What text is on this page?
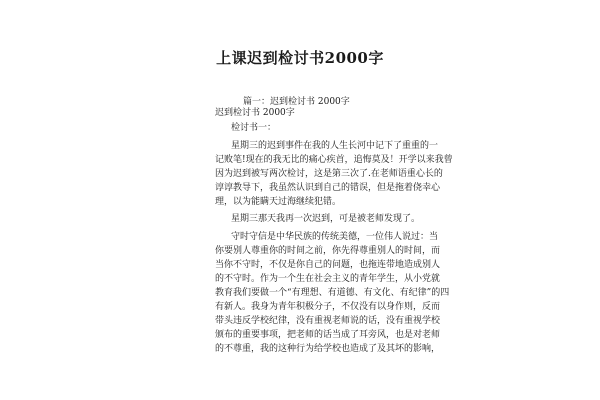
上课迟到检讨书2000字
篇一：迟到检讨书 2000字
迟到检讨书 2000字
检讨书一：
星期三的迟到事件在我的人生长河中记下了重重的一
记败笔!现在的我无比的痛心疾首，追悔莫及！开学以来我曾
因为迟到被写两次检讨，这是第三次了.在老师语重心长的
谆谆教导下，我虽然认识到自己的错误，但是拖着侥幸心
理，以为能瞒天过海继续犯错。
星期三那天我再一次迟到，可是被老师发现了。
守时守信是中华民族的传统美德，一位伟人说过：当
你要别人尊重你的时间之前，你先得尊重别人的时间，而
当你不守时，不仅是你自己的问题，也拖连带地造成别人
的不守时。作为一个生在社会主义的青年学生，从小党就
教育我们要做一个“有理想、有道德、有文化、有纪律”的四
有新人。我身为青年积极分子，不仅没有以身作则，反而
带头违反学校纪律，没有重视老师说的话，没有重视学校
颁布的重要事项，把老师的话当成了耳旁风，也是对老师
的不尊重，我的这种行为给学校也造成了及其坏的影响，
